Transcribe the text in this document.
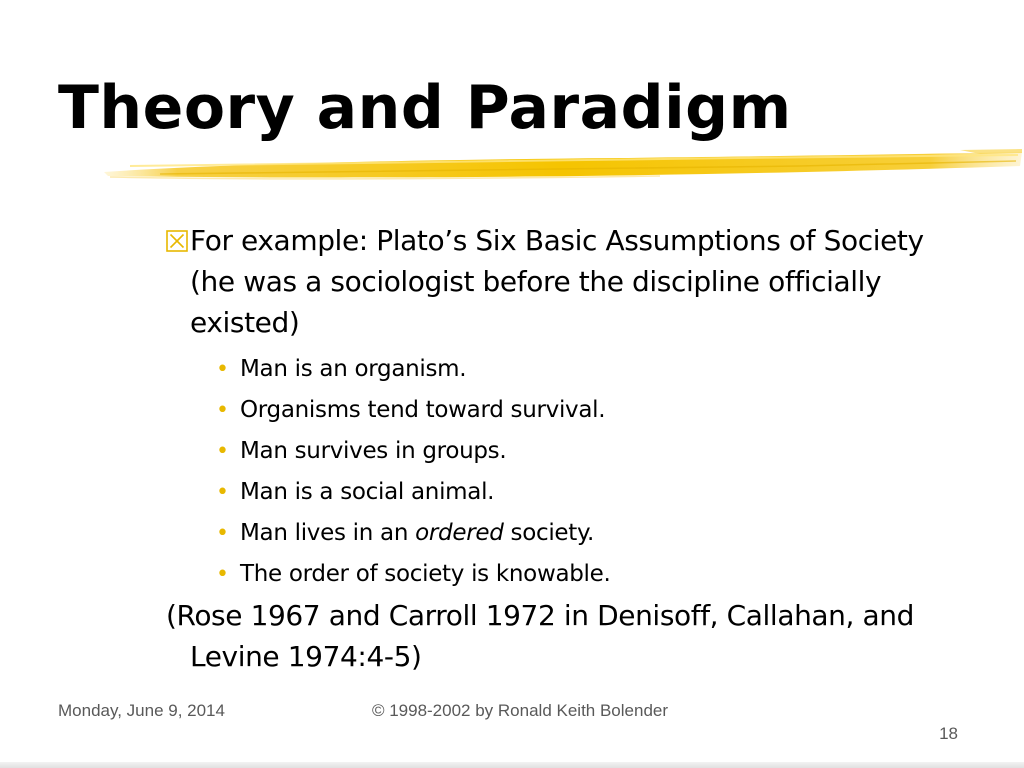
Theory and Paradigm

For example: Plato’s Six Basic Assumptions of Society (he was a sociologist before the discipline officially existed)

• Man is an organism.
• Organisms tend toward survival.
• Man survives in groups.
• Man is a social animal.
• Man lives in an ordered society.
• The order of society is knowable.

(Rose 1967 and Carroll 1972 in Denisoff, Callahan, and Levine 1974:4-5)

Monday, June 9, 2014	© 1998-2002 by Ronald Keith Bolender
18
